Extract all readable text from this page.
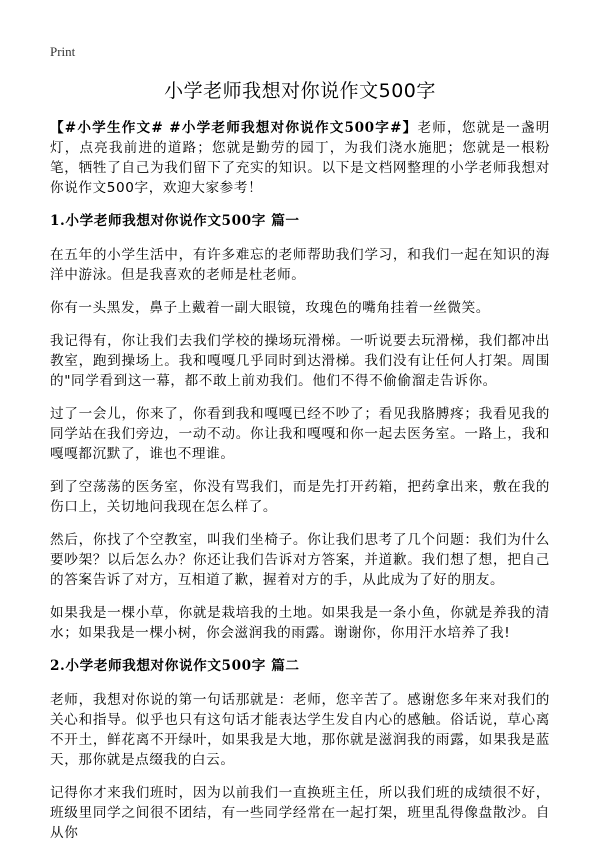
Print
小学老师我想对你说作文500字

【#小学生作文# #小学老师我想对你说作文500字#】老师，您就是一盏明灯，点亮我前进的道路；您就是勤劳的园丁，为我们浇水施肥；您就是一根粉笔，牺牲了自己为我们留下了充实的知识。以下是文档网整理的小学老师我想对你说作文500字，欢迎大家参考！

1.小学老师我想对你说作文500字 篇一

在五年的小学生活中，有许多难忘的老师帮助我们学习，和我们一起在知识的海洋中游泳。但是我喜欢的老师是杜老师。

你有一头黑发，鼻子上戴着一副大眼镜，玫瑰色的嘴角挂着一丝微笑。

我记得有，你让我们去我们学校的操场玩滑梯。一听说要去玩滑梯，我们都冲出教室，跑到操场上。我和嘎嘎几乎同时到达滑梯。我们没有让任何人打架。周围的"同学看到这一幕，都不敢上前劝我们。他们不得不偷偷溜走告诉你。

过了一会儿，你来了，你看到我和嘎嘎已经不吵了；看见我胳膊疼；我看见我的同学站在我们旁边，一动不动。你让我和嘎嘎和你一起去医务室。一路上，我和嘎嘎都沉默了，谁也不理谁。

到了空荡荡的医务室，你没有骂我们，而是先打开药箱，把药拿出来，敷在我的伤口上，关切地问我现在怎么样了。

然后，你找了个空教室，叫我们坐椅子。你让我们思考了几个问题：我们为什么要吵架？以后怎么办？你还让我们告诉对方答案，并道歉。我们想了想，把自己的答案告诉了对方，互相道了歉，握着对方的手，从此成为了好的朋友。

如果我是一棵小草，你就是栽培我的土地。如果我是一条小鱼，你就是养我的清水；如果我是一棵小树，你会滋润我的雨露。谢谢你，你用汗水培养了我!

2.小学老师我想对你说作文500字 篇二

老师，我想对你说的第一句话那就是：老师，您辛苦了。感谢您多年来对我们的关心和指导。似乎也只有这句话才能表达学生发自内心的感触。俗话说，草心离不开土，鲜花离不开绿叶，如果我是大地，那你就是滋润我的雨露，如果我是蓝天，那你就是点缀我的白云。

记得你才来我们班时，因为以前我们一直换班主任，所以我们班的成绩很不好，班级里同学之间很不团结，有一些同学经常在一起打架，班里乱得像盘散沙。自从你
